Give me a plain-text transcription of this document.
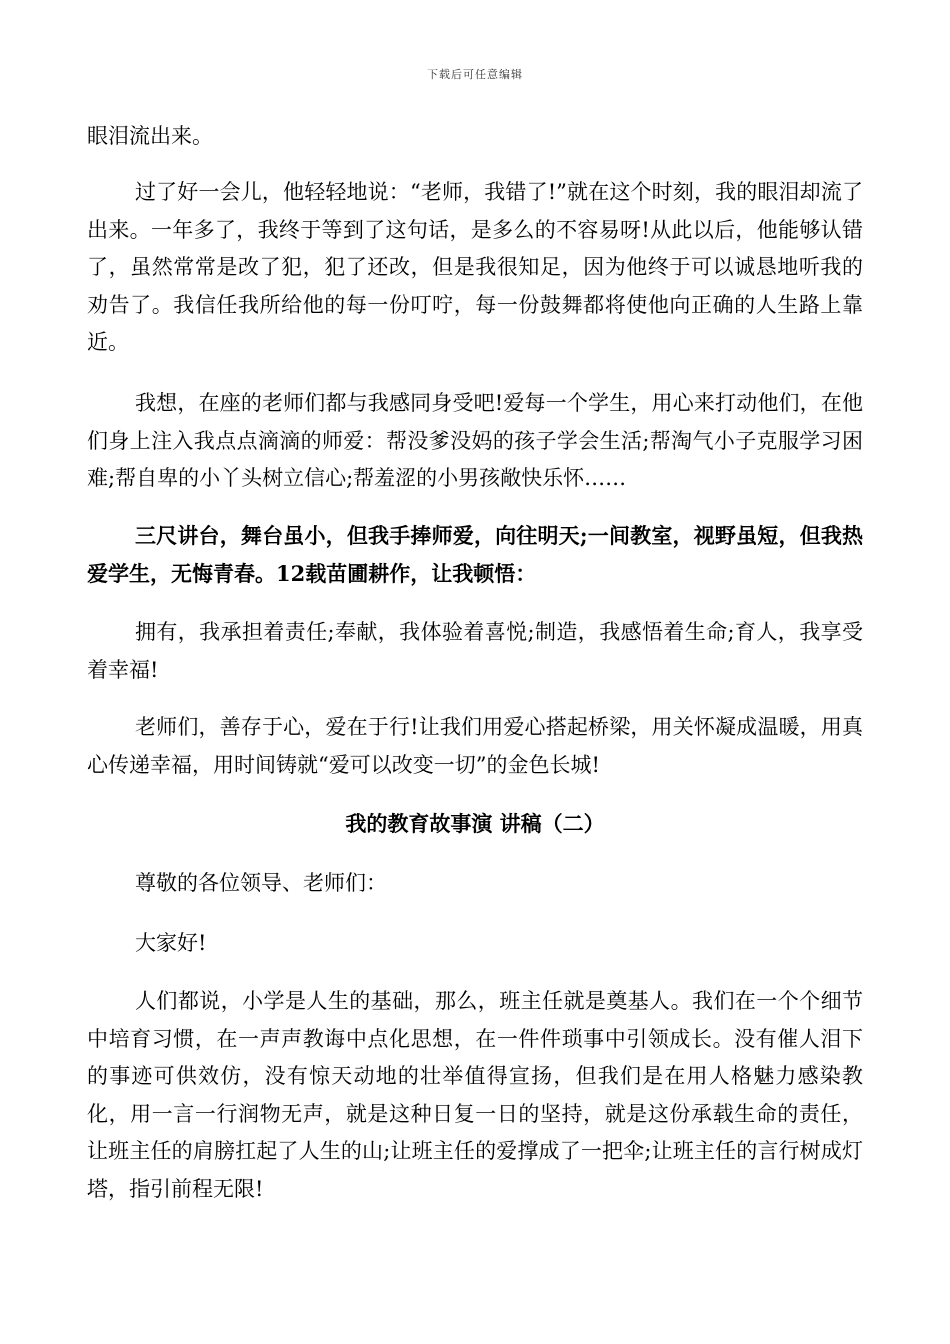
下载后可任意编辑

眼泪流出来。

过了好一会儿，他轻轻地说：“老师，我错了!”就在这个时刻，我的眼泪却流了出来。一年多了，我终于等到了这句话，是多么的不容易呀!从此以后，他能够认错了，虽然常常是改了犯，犯了还改，但是我很知足，因为他终于可以诚恳地听我的劝告了。我信任我所给他的每一份叮咛，每一份鼓舞都将使他向正确的人生路上靠近。

我想，在座的老师们都与我感同身受吧!爱每一个学生，用心来打动他们，在他们身上注入我点点滴滴的师爱：帮没爹没妈的孩子学会生活;帮淘气小子克服学习困难;帮自卑的小丫头树立信心;帮羞涩的小男孩敞快乐怀……

三尺讲台，舞台虽小，但我手捧师爱，向往明天;一间教室，视野虽短，但我热爱学生，无悔青春。12载苗圃耕作，让我顿悟：

拥有，我承担着责任;奉献，我体验着喜悦;制造，我感悟着生命;育人，我享受着幸福!

老师们，善存于心，爱在于行!让我们用爱心搭起桥梁，用关怀凝成温暖，用真心传递幸福，用时间铸就“爱可以改变一切”的金色长城!

我的教育故事演 讲稿（二）

尊敬的各位领导、老师们：

大家好!

人们都说，小学是人生的基础，那么，班主任就是奠基人。我们在一个个细节中培育习惯，在一声声教诲中点化思想，在一件件琐事中引领成长。没有催人泪下的事迹可供效仿，没有惊天动地的壮举值得宣扬，但我们是在用人格魅力感染教化，用一言一行润物无声，就是这种日复一日的坚持，就是这份承载生命的责任，让班主任的肩膀扛起了人生的山;让班主任的爱撑成了一把伞;让班主任的言行树成灯塔，指引前程无限!
